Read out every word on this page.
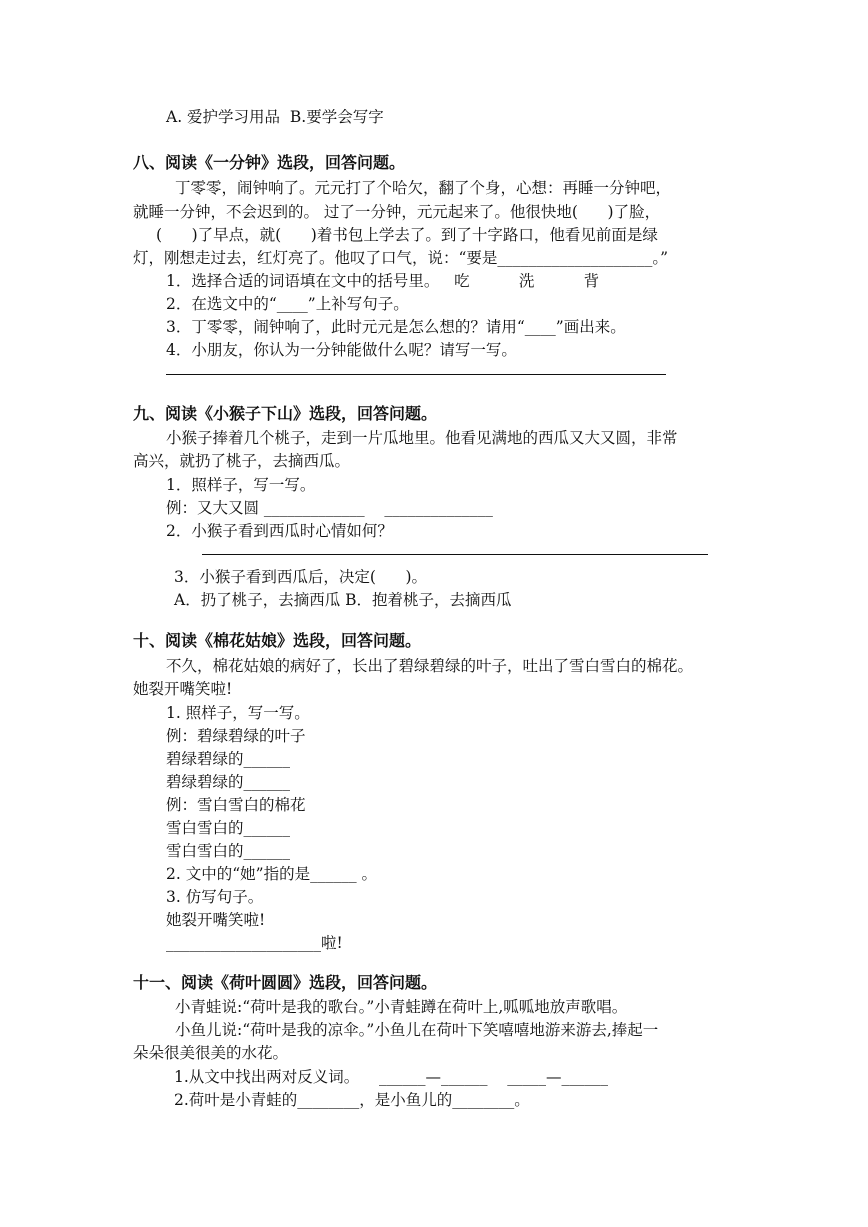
A. 爱护学习用品  B.要学会写字
八、阅读《一分钟》选段，回答问题。
丁零零，闹钟响了。元元打了个哈欠，翻了个身，心想：再睡一分钟吧，
就睡一分钟，不会迟到的。 过了一分钟，元元起来了。他很快地(      )了脸，
(      )了早点，就(      )着书包上学去了。到了十字路口，他看见前面是绿
灯，刚想走过去，红灯亮了。他叹了口气，说：“要是____________________。”
1．选择合适的词语填在文中的括号里。   吃          洗          背
2．在选文中的“____”上补写句子。
3．丁零零，闹钟响了，此时元元是怎么想的？请用“____”画出来。
4．小朋友，你认为一分钟能做什么呢？请写一写。
九、阅读《小猴子下山》选段，回答问题。
小猴子捧着几个桃子，走到一片瓜地里。他看见满地的西瓜又大又圆，非常
高兴，就扔了桃子，去摘西瓜。
1．照样子，写一写。
例：又大又圆 _____________    ______________
2．小猴子看到西瓜时心情如何？
3．小猴子看到西瓜后，决定(      )。
A．扔了桃子，去摘西瓜 B．抱着桃子，去摘西瓜
十、阅读《棉花姑娘》选段，回答问题。
不久，棉花姑娘的病好了，长出了碧绿碧绿的叶子，吐出了雪白雪白的棉花。
她裂开嘴笑啦!
1. 照样子，写一写。
例：碧绿碧绿的叶子
碧绿碧绿的______
碧绿碧绿的______
例：雪白雪白的棉花
雪白雪白的______
雪白雪白的______
2. 文中的“她”指的是______ 。
3. 仿写句子。
她裂开嘴笑啦!
____________________啦!
十一、阅读《荷叶圆圆》选段，回答问题。
小青蛙说:“荷叶是我的歌台。”小青蛙蹲在荷叶上,呱呱地放声歌唱。
小鱼儿说:“荷叶是我的凉伞。”小鱼儿在荷叶下笑嘻嘻地游来游去,捧起一
朵朵很美很美的水花。
1.从文中找出两对反义词。    ______—______    _____—______
2.荷叶是小青蛙的________，是小鱼儿的________。
